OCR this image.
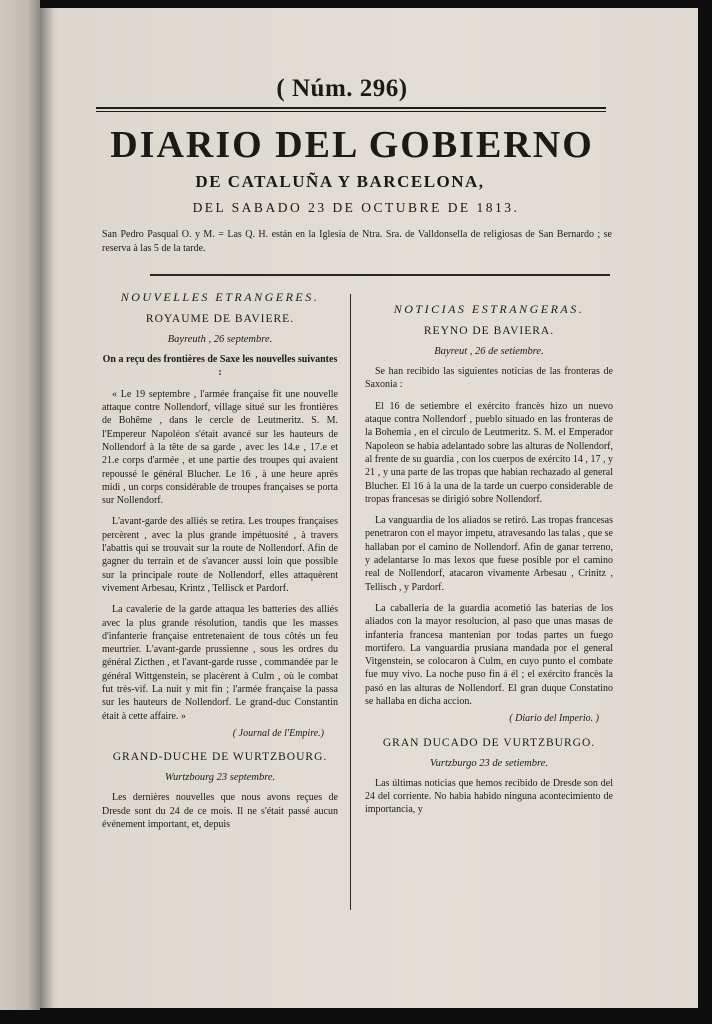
( Núm. 296)
DIARIO DEL GOBIERNO
DE CATALUÑA Y BARCELONA,
DEL SABADO 23 DE OCTUBRE DE 1813.
San Pedro Pasqual O. y M. = Las Q. H. están en la Iglesia de Ntra. Sra. de Valldonsella de religiosas de San Bernardo ; se reserva à las 5 de la tarde.
NOUVELLES ETRANGERES.
ROYAUME DE BAVIERE.
Bayreuth , 26 septembre.

On a reçu des frontières de Saxe les nouvelles suivantes :

« Le 19 septembre , l'armée française fit une nouvelle attaque contre Nollendorf, village situé sur les frontières de Bohême , dans le cercle de Leutmeritz. S. M. l'Empereur Napoléon s'était avancé sur les hauteurs de Nollendorf à la tête de sa garde , avec les 14.e , 17.e et 21.e corps d'armée , et une partie des troupes qui avaient repoussé le général Blucher. Le 16 , à une heure après midi , un corps considérable de troupes françaises se porta sur Nollendorf.

L'avant-garde des alliés se retira. Les troupes françaises percèrent , avec la plus grande impétuosité , à travers l'abattis qui se trouvait sur la route de Nollendorf. Afin de gagner du terrain et de s'avancer aussi loin que possible sur la principale route de Nollendorf, elles attaquèrent vivement Arbesau, Krintz , Tellisck et Pardorf.

La cavalerie de la garde attaqua les batteries des alliés avec la plus grande résolution, tandis que les masses d'infanterie française entretenaient de tous côtés un feu meurtrier. L'avant-garde prussienne , sous les ordres du général Zicthen , et l'avant-garde russe , commandée par le général Wittgenstein, se placèrent à Culm , où le combat fut très-vif. La nuit y mit fin ; l'armée française la passa sur les hauteurs de Nollendorf. Le grand-duc Constantin était à cette affaire. »

( Journal de l'Empire.)
GRAND-DUCHE DE WURTZBOURG.
Wurtzbourg 23 septembre.

Les dernières nouvelles que nous avons reçues de Dresde sont du 24 de ce mois. Il ne s'était passé aucun événement important, et, depuis

NOTICIAS ESTRANGERAS.
REYNO DE BAVIERA.
Bayreut , 26 de setiembre.

Se han recibido las siguientes noticias de las fronteras de Saxonia :

El 16 de setiembre el exército francès hizo un nuevo ataque contra Nollendorf , pueblo situado en las fronteras de la Bohemia , en el circulo de Leutmeritz. S. M. el Emperador Napoleon se habia adelantado sobre las alturas de Nollendorf, al frente de su guardia , con los cuerpos de exército 14 , 17 , y 21 , y una parte de las tropas que habian rechazado al general Blucher. El 16 à la una de la tarde un cuerpo considerable de tropas francesas se dirigió sobre Nollendorf.

La vanguardia de los aliados se retiró. Las tropas francesas penetraron con el mayor impetu, atravesando las talas , que se hallaban por el camino de Nollendorf. Afin de ganar terreno, y adelantarse lo mas lexos que fuese posible por el camino real de Nollendorf, atacaron vivamente Arbesau , Crinitz , Tellisch , y Pardorf.

La caballeria de la guardia acometió las baterias de los aliados con la mayor resolucion, al paso que unas masas de infanteria francesa mantenian por todas partes un fuego mortifero. La vanguardia prusiana mandada por el general Vitgenstein, se colocaron à Culm, en cuyo punto el combate fue muy vivo. La noche puso fin á él ; el exército francès la pasó en las alturas de Nollendorf. El gran duque Constatino se hallaba en dicha accion.

( Diario del Imperio. )
GRAN DUCADO DE VURTZBURGO.
Vurtzburgo 23 de setiembre.

Las últimas noticias que hemos recibido de Dresde son del 24 del corriente. No habia habido ninguna acontecimiento de importancia, y
